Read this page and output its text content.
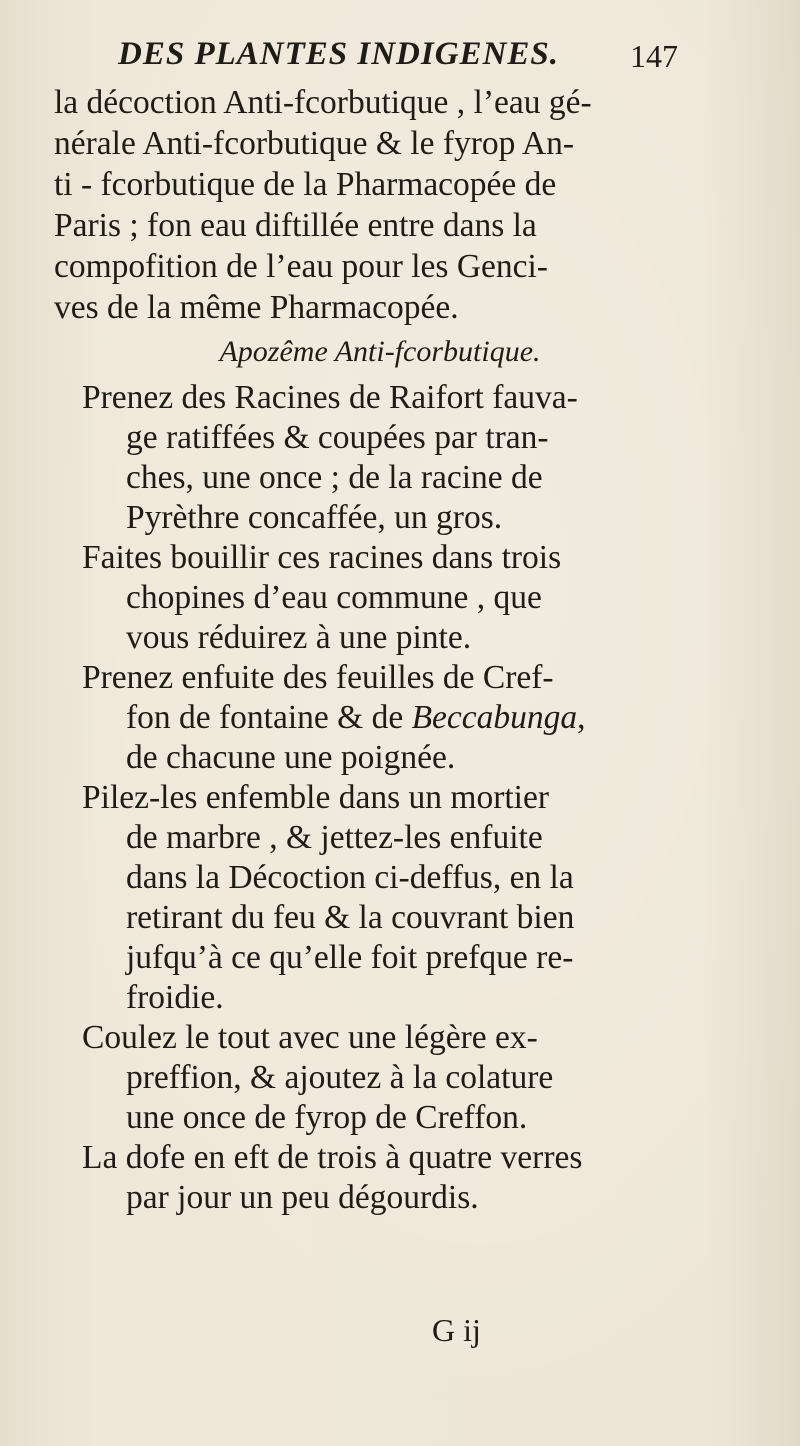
DES PLANTES INDIGENES. 147
la décoction Anti-fcorbutique , l’eau gé-
nérale Anti-fcorbutique & le fyrop An-
ti - fcorbutique de la Pharmacopée de
Paris ; fon eau diftillée entre dans la
compofition de l’eau pour les Genci-
ves de la même Pharmacopée.
Apozême Anti-fcorbutique.
Prenez des Racines de Raifort fauva-
ge ratiffées & coupées par tran-
ches, une once ; de la racine de
Pyrèthre concaffée, un gros.
Faites bouillir ces racines dans trois
chopines d’eau commune , que
vous réduirez à une pinte.
Prenez enfuite des feuilles de Cref-
fon de fontaine & de Beccabunga,
de chacune une poignée.
Pilez-les enfemble dans un mortier
de marbre , & jettez-les enfuite
dans la Décoction ci-deffus, en la
retirant du feu & la couvrant bien
jufqu’à ce qu’elle foit prefque re-
froidie.
Coulez le tout avec une légère ex-
preffion, & ajoutez à la colature
une once de fyrop de Creffon.
La dofe en eft de trois à quatre verres
par jour un peu dégourdis.
G ij
